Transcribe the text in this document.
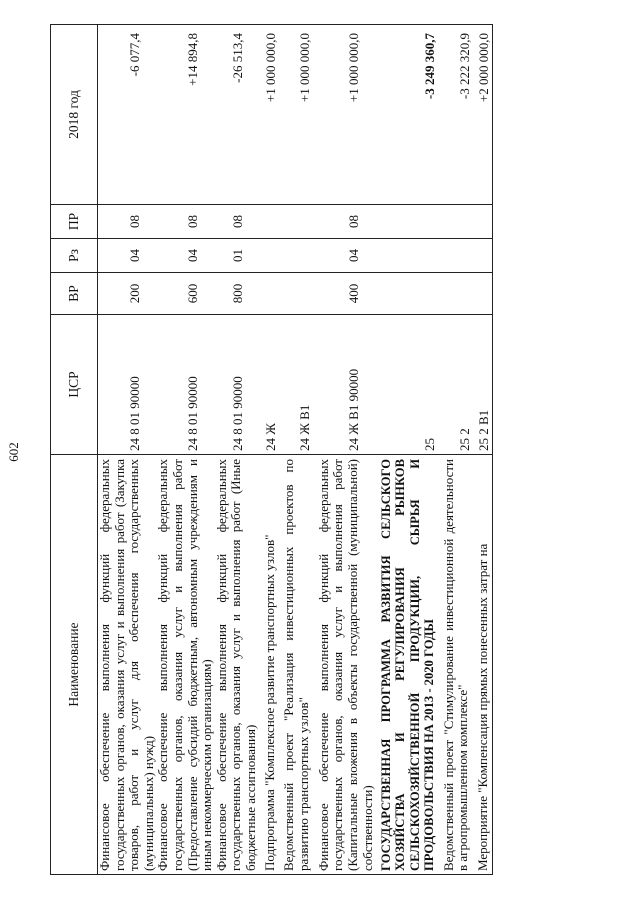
602
Наименование	ЦСР	ВР	Рз	ПР	2018 год
Финансовое обеспечение выполнения функций федеральных государственных органов, оказания услуг и выполнения работ (Закупка товаров, работ и услуг для обеспечения государственных (муниципальных) нужд)	24 8 01 90000	200	04	08	-6 077,4
Финансовое обеспечение выполнения функций федеральных государственных органов, оказания услуг и выполнения работ (Предоставление субсидий бюджетным, автономным учреждениям и иным некоммерческим организациям)	24 8 01 90000	600	04	08	+14 894,8
Финансовое обеспечение выполнения функций федеральных государственных органов, оказания услуг и выполнения работ (Иные бюджетные ассигнования)	24 8 01 90000	800	01	08	-26 513,4

Подпрограмма "Комплексное развитие транспортных узлов"	24 Ж				+1 000 000,0

Ведомственный проект "Реализация инвестиционных проектов по развитию транспортных узлов"	24 Ж В1				+1 000 000,0

Финансовое обеспечение выполнения функций федеральных государственных органов, оказания услуг и выполнения работ (Капитальные вложения в объекты государственной (муниципальной) собственности)	24 Ж В1 90000	400	04	08	+1 000 000,0

ГОСУДАРСТВЕННАЯ ПРОГРАММА РАЗВИТИЯ СЕЛЬСКОГО ХОЗЯЙСТВА И РЕГУЛИРОВАНИЯ РЫНКОВ СЕЛЬСКОХОЗЯЙСТВЕННОЙ ПРОДУКЦИИ, СЫРЬЯ И ПРОДОВОЛЬСТВИЯ НА 2013 - 2020 ГОДЫ	25				-3 249 360,7

Ведомственный проект "Стимулирование инвестиционной деятельности в агропромышленном комплексе"	25 2				-3 222 320,9

Мероприятие "Компенсация прямых понесенных затрат на	25 2 В1				+2 000 000,0
